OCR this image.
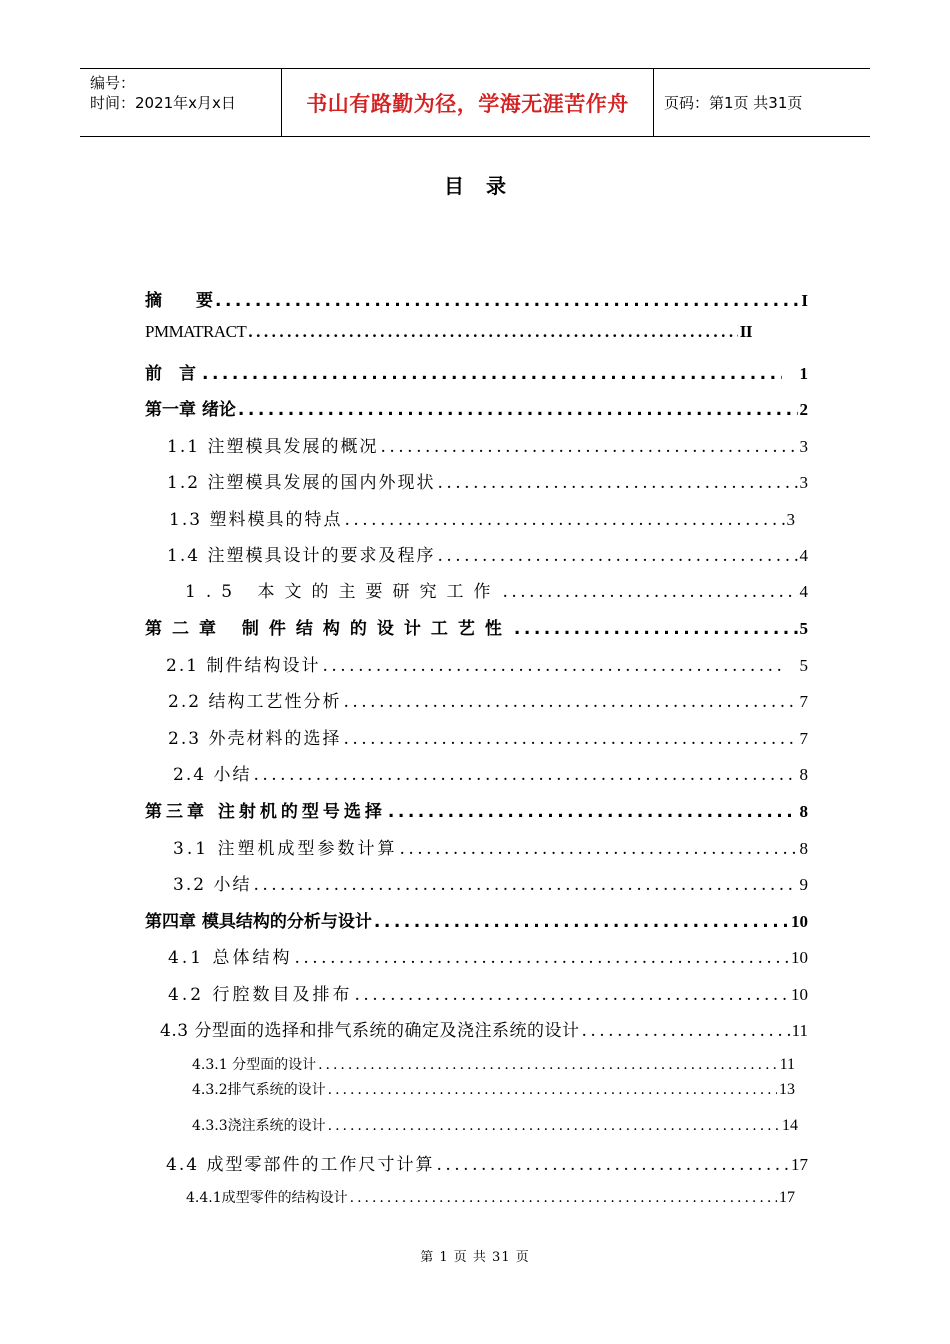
编号：
时间：2021年x月x日	书山有路勤为径，学海无涯苦作舟	页码：第1页 共31页
目录
摘　　要 .....	I
PMMATRACT .....	II
前　言 .....	1
第一章 绪论 .....	2
1.1 注塑模具发展的概况 .....	3
1.2 注塑模具发展的国内外现状 .....	3
1.3 塑料模具的特点 .....	3
1.4 注塑模具设计的要求及程序 .....	4
1.5 本文的主要研究工作 .....	4
第二章 制件结构的设计工艺性 .....	5
2.1 制件结构设计 .....	5
2.2 结构工艺性分析 .....	7
2.3 外壳材料的选择 .....	7
2.4 小结 .....	8
第三章 注射机的型号选择 .....	8
3.1 注塑机成型参数计算 .....	8
3.2 小结 .....	9
第四章 模具结构的分析与设计 .....	10
4.1 总体结构 .....	10
4.2 行腔数目及排布 .....	10
4.3 分型面的选择和排气系统的确定及浇注系统的设计 .....	11
4.3.1 分型面的设计 .....	11
4.3.2排气系统的设计 .....	13
4.3.3浇注系统的设计 .....	14
4.4 成型零部件的工作尺寸计算 .....	17
4.4.1成型零件的结构设计 .....	17
第 1 页 共 31 页
